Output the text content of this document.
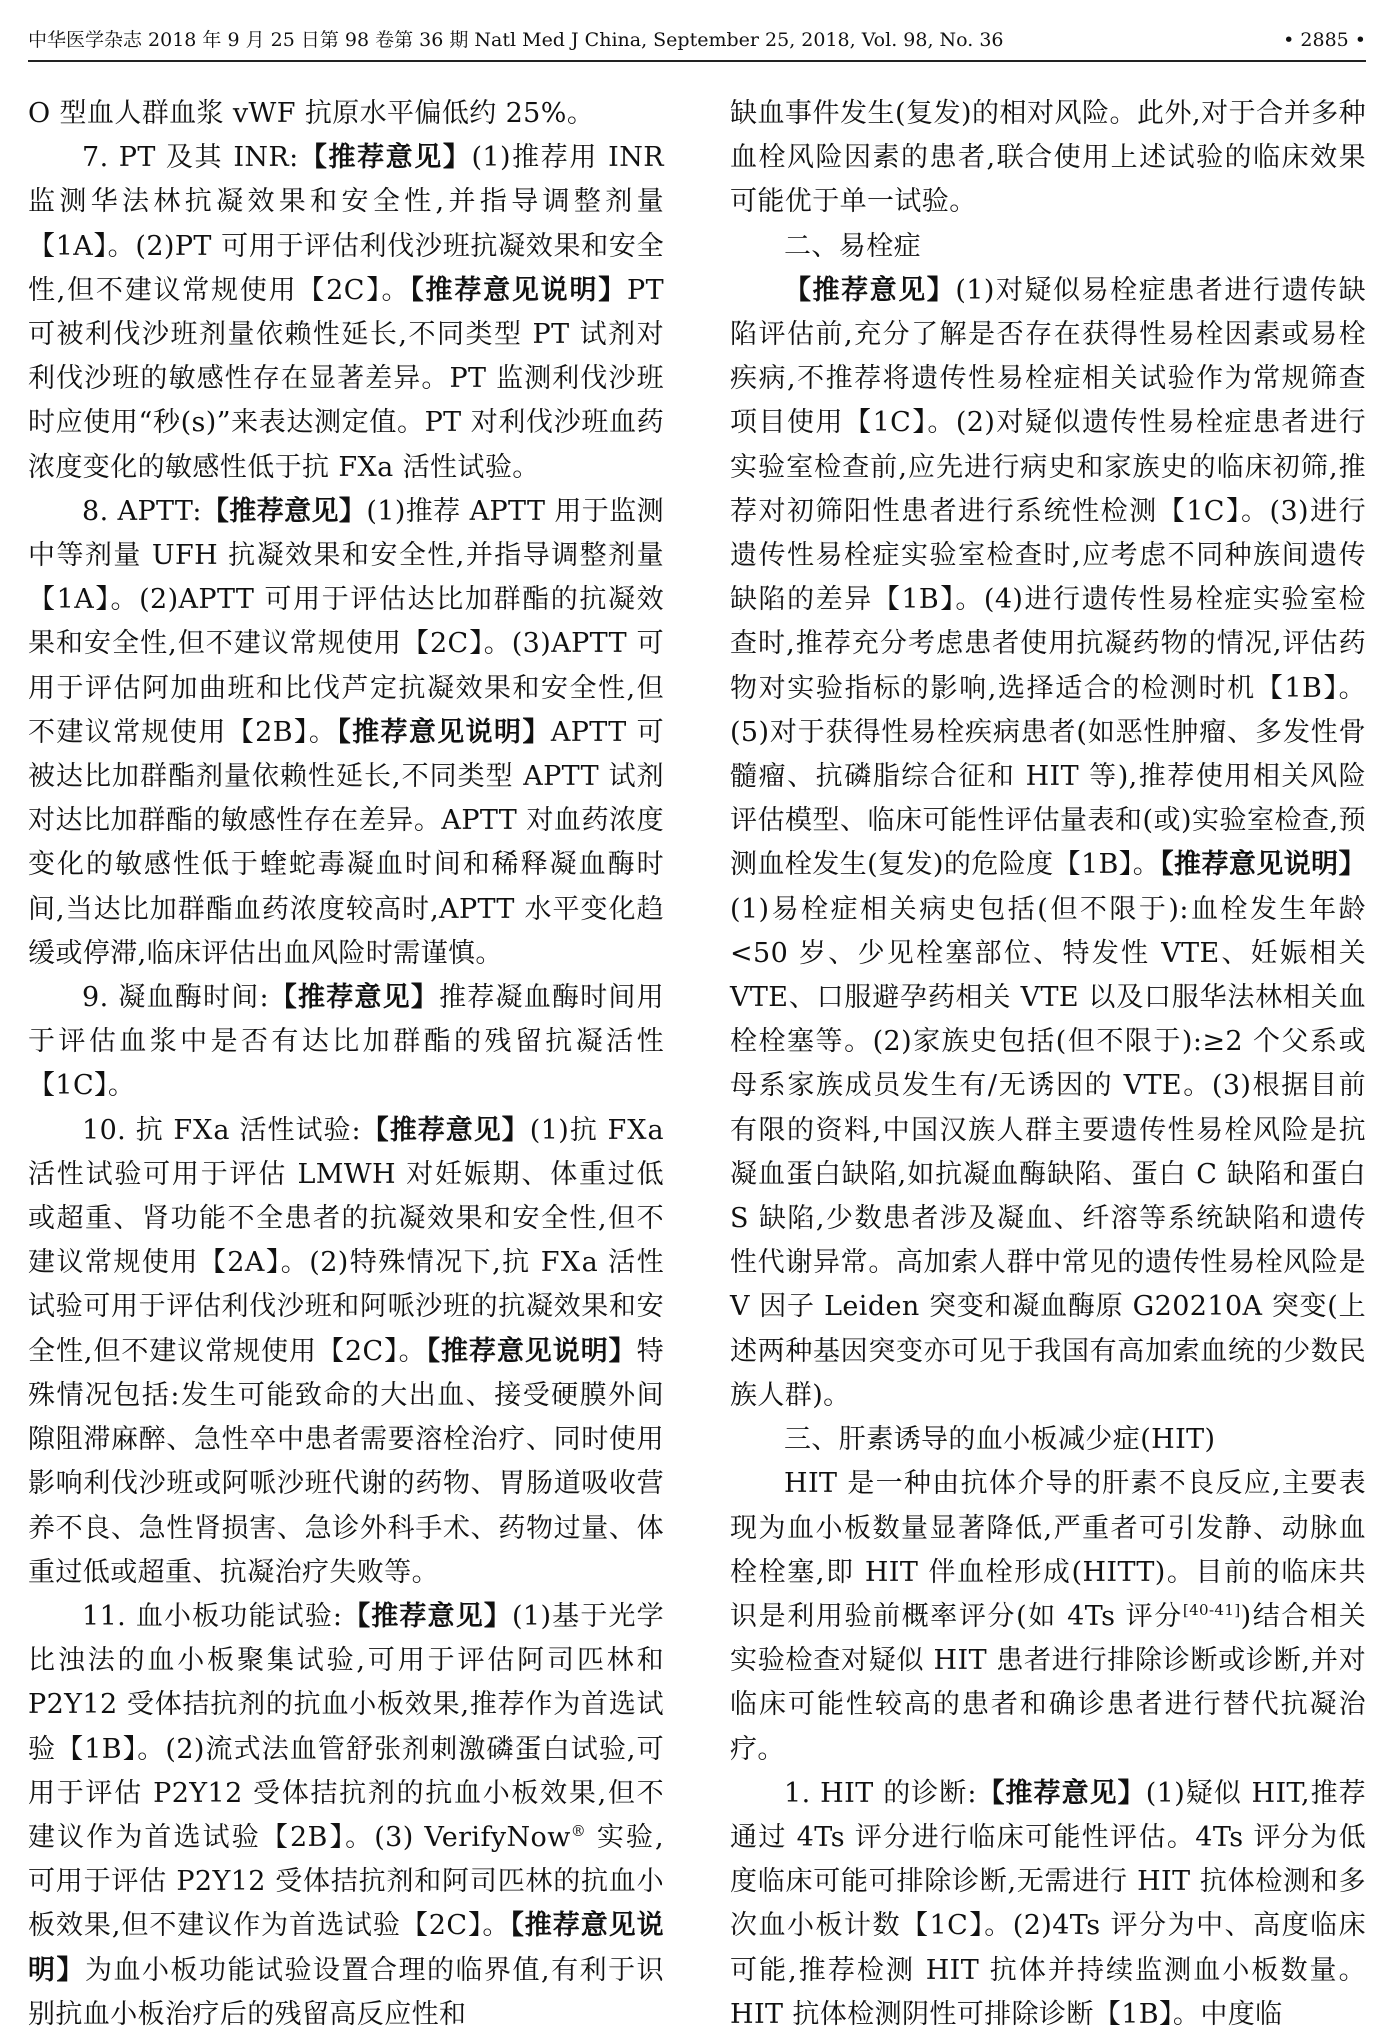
中华医学杂志 2018 年 9 月 25 日第 98 卷第 36 期 Natl Med J China, September 25, 2018, Vol. 98, No. 36	• 2885 •

O 型血人群血浆 vWF 抗原水平偏低约 25%。

7. PT 及其 INR:【推荐意见】(1)推荐用 INR 监测华法林抗凝效果和安全性,并指导调整剂量【1A】。(2)PT 可用于评估利伐沙班抗凝效果和安全性,但不建议常规使用【2C】。【推荐意见说明】PT 可被利伐沙班剂量依赖性延长,不同类型 PT 试剂对利伐沙班的敏感性存在显著差异。PT 监测利伐沙班时应使用“秒(s)”来表达测定值。PT 对利伐沙班血药浓度变化的敏感性低于抗 FⅩa 活性试验。

8. APTT:【推荐意见】(1)推荐 APTT 用于监测中等剂量 UFH 抗凝效果和安全性,并指导调整剂量【1A】。(2)APTT 可用于评估达比加群酯的抗凝效果和安全性,但不建议常规使用【2C】。(3)APTT 可用于评估阿加曲班和比伐芦定抗凝效果和安全性,但不建议常规使用【2B】。【推荐意见说明】APTT 可被达比加群酯剂量依赖性延长,不同类型 APTT 试剂对达比加群酯的敏感性存在差异。APTT 对血药浓度变化的敏感性低于蝰蛇毒凝血时间和稀释凝血酶时间,当达比加群酯血药浓度较高时,APTT 水平变化趋缓或停滞,临床评估出血风险时需谨慎。

9. 凝血酶时间:【推荐意见】推荐凝血酶时间用于评估血浆中是否有达比加群酯的残留抗凝活性【1C】。

10. 抗 FⅩa 活性试验:【推荐意见】(1)抗 FⅩa 活性试验可用于评估 LMWH 对妊娠期、体重过低或超重、肾功能不全患者的抗凝效果和安全性,但不建议常规使用【2A】。(2)特殊情况下,抗 FⅩa 活性试验可用于评估利伐沙班和阿哌沙班的抗凝效果和安全性,但不建议常规使用【2C】。【推荐意见说明】特殊情况包括:发生可能致命的大出血、接受硬膜外间隙阻滞麻醉、急性卒中患者需要溶栓治疗、同时使用影响利伐沙班或阿哌沙班代谢的药物、胃肠道吸收营养不良、急性肾损害、急诊外科手术、药物过量、体重过低或超重、抗凝治疗失败等。

11. 血小板功能试验:【推荐意见】(1)基于光学比浊法的血小板聚集试验,可用于评估阿司匹林和 P2Y12 受体拮抗剂的抗血小板效果,推荐作为首选试验【1B】。(2)流式法血管舒张剂刺激磷蛋白试验,可用于评估 P2Y12 受体拮抗剂的抗血小板效果,但不建议作为首选试验【2B】。(3) VerifyNow® 实验,可用于评估 P2Y12 受体拮抗剂和阿司匹林的抗血小板效果,但不建议作为首选试验【2C】。【推荐意见说明】为血小板功能试验设置合理的临界值,有利于识别抗血小板治疗后的残留高反应性和

缺血事件发生(复发)的相对风险。此外,对于合并多种血栓风险因素的患者,联合使用上述试验的临床效果可能优于单一试验。

二、易栓症

【推荐意见】(1)对疑似易栓症患者进行遗传缺陷评估前,充分了解是否存在获得性易栓因素或易栓疾病,不推荐将遗传性易栓症相关试验作为常规筛查项目使用【1C】。(2)对疑似遗传性易栓症患者进行实验室检查前,应先进行病史和家族史的临床初筛,推荐对初筛阳性患者进行系统性检测【1C】。(3)进行遗传性易栓症实验室检查时,应考虑不同种族间遗传缺陷的差异【1B】。(4)进行遗传性易栓症实验室检查时,推荐充分考虑患者使用抗凝药物的情况,评估药物对实验指标的影响,选择适合的检测时机【1B】。(5)对于获得性易栓疾病患者(如恶性肿瘤、多发性骨髓瘤、抗磷脂综合征和 HIT 等),推荐使用相关风险评估模型、临床可能性评估量表和(或)实验室检查,预测血栓发生(复发)的危险度【1B】。【推荐意见说明】(1)易栓症相关病史包括(但不限于):血栓发生年龄<50 岁、少见栓塞部位、特发性 VTE、妊娠相关 VTE、口服避孕药相关 VTE 以及口服华法林相关血栓栓塞等。(2)家族史包括(但不限于):≥2 个父系或母系家族成员发生有/无诱因的 VTE。(3)根据目前有限的资料,中国汉族人群主要遗传性易栓风险是抗凝血蛋白缺陷,如抗凝血酶缺陷、蛋白 C 缺陷和蛋白 S 缺陷,少数患者涉及凝血、纤溶等系统缺陷和遗传性代谢异常。高加索人群中常见的遗传性易栓风险是 V 因子 Leiden 突变和凝血酶原 G20210A 突变(上述两种基因突变亦可见于我国有高加索血统的少数民族人群)。

三、肝素诱导的血小板减少症(HIT)

HIT 是一种由抗体介导的肝素不良反应,主要表现为血小板数量显著降低,严重者可引发静、动脉血栓栓塞,即 HIT 伴血栓形成(HITT)。目前的临床共识是利用验前概率评分(如 4Ts 评分[40-41])结合相关实验检查对疑似 HIT 患者进行排除诊断或诊断,并对临床可能性较高的患者和确诊患者进行替代抗凝治疗。

1. HIT 的诊断:【推荐意见】(1)疑似 HIT,推荐通过 4Ts 评分进行临床可能性评估。4Ts 评分为低度临床可能可排除诊断,无需进行 HIT 抗体检测和多次血小板计数【1C】。(2)4Ts 评分为中、高度临床可能,推荐检测 HIT 抗体并持续监测血小板数量。HIT 抗体检测阴性可排除诊断【1B】。中度临
